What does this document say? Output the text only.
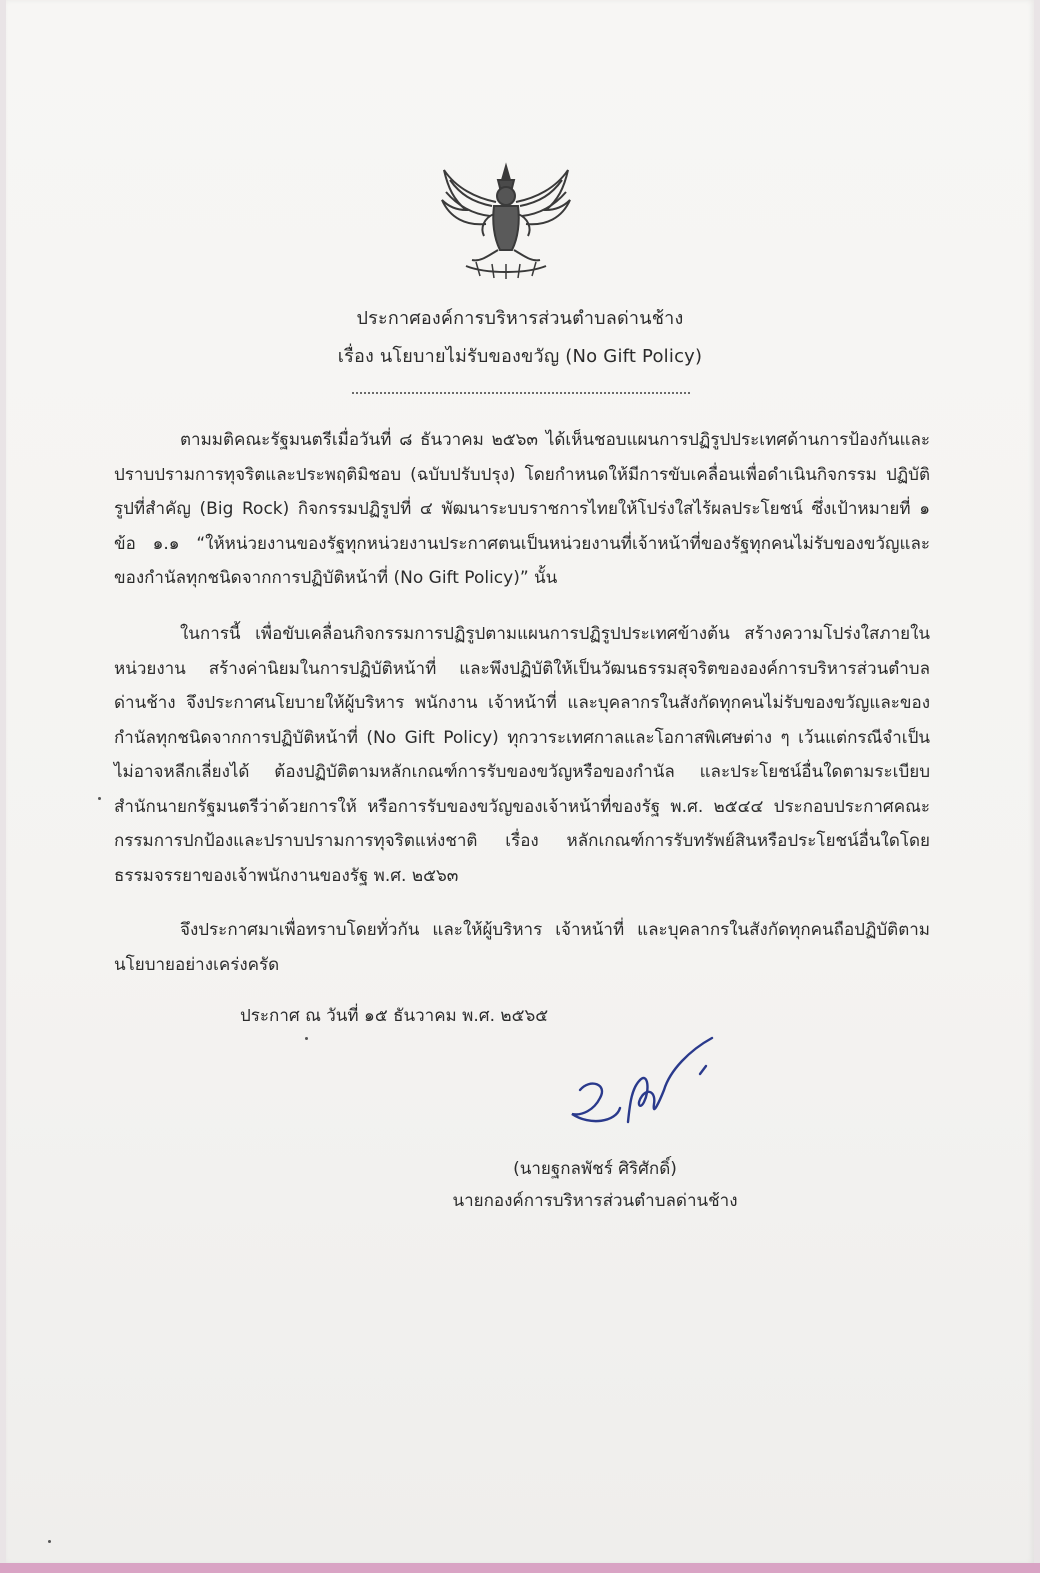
ประกาศองค์การบริหารส่วนตำบลด่านช้าง
เรื่อง นโยบายไม่รับของขวัญ (No Gift Policy)
ตามมติคณะรัฐมนตรีเมื่อวันที่ ๘ ธันวาคม ๒๕๖๓ ได้เห็นชอบแผนการปฏิรูปประเทศด้านการป้องกันและปราบปรามการทุจริตและประพฤติมิชอบ (ฉบับปรับปรุง) โดยกำหนดให้มีการขับเคลื่อนเพื่อดำเนินกิจกรรม ปฏิบัติรูปที่สำคัญ (Big Rock) กิจกรรมปฏิรูปที่ ๔ พัฒนาระบบราชการไทยให้โปร่งใสไร้ผลประโยชน์ ซึ่งเป้าหมายที่ ๑ ข้อ ๑.๑ “ให้หน่วยงานของรัฐทุกหน่วยงานประกาศตนเป็นหน่วยงานที่เจ้าหน้าที่ของรัฐทุกคนไม่รับของขวัญและของกำนัลทุกชนิดจากการปฏิบัติหน้าที่ (No Gift Policy)” นั้น
ในการนี้ เพื่อขับเคลื่อนกิจกรรมการปฏิรูปตามแผนการปฏิรูปประเทศข้างต้น สร้างความโปร่งใสภายใน หน่วยงาน สร้างค่านิยมในการปฏิบัติหน้าที่ และพึงปฏิบัติให้เป็นวัฒนธรรมสุจริตขององค์การบริหารส่วนตำบลด่านช้าง จึงประกาศนโยบายให้ผู้บริหาร พนักงาน เจ้าหน้าที่ และบุคลากรในสังกัดทุกคนไม่รับของขวัญและของกำนัลทุกชนิดจากการปฏิบัติหน้าที่ (No Gift Policy) ทุกวาระเทศกาลและโอกาสพิเศษต่าง ๆ เว้นแต่กรณีจำเป็นไม่อาจหลีกเลี่ยงได้ ต้องปฏิบัติตามหลักเกณฑ์การรับของขวัญหรือของกำนัล และประโยชน์อื่นใดตามระเบียบสำนักนายกรัฐมนตรีว่าด้วยการให้ หรือการรับของขวัญของเจ้าหน้าที่ของรัฐ พ.ศ. ๒๕๔๔ ประกอบประกาศคณะกรรมการปกป้องและปราบปรามการทุจริตแห่งชาติ เรื่อง หลักเกณฑ์การรับทรัพย์สินหรือประโยชน์อื่นใดโดยธรรมจรรยาของเจ้าพนักงานของรัฐ พ.ศ. ๒๕๖๓
จึงประกาศมาเพื่อทราบโดยทั่วกัน และให้ผู้บริหาร เจ้าหน้าที่ และบุคลากรในสังกัดทุกคนถือปฏิบัติตามนโยบายอย่างเคร่งครัด
ประกาศ ณ วันที่ ๑๕ ธันวาคม พ.ศ. ๒๕๖๕
(นายฐกลพัชร์ ศิริศักดิ์)
นายกองค์การบริหารส่วนตำบลด่านช้าง
